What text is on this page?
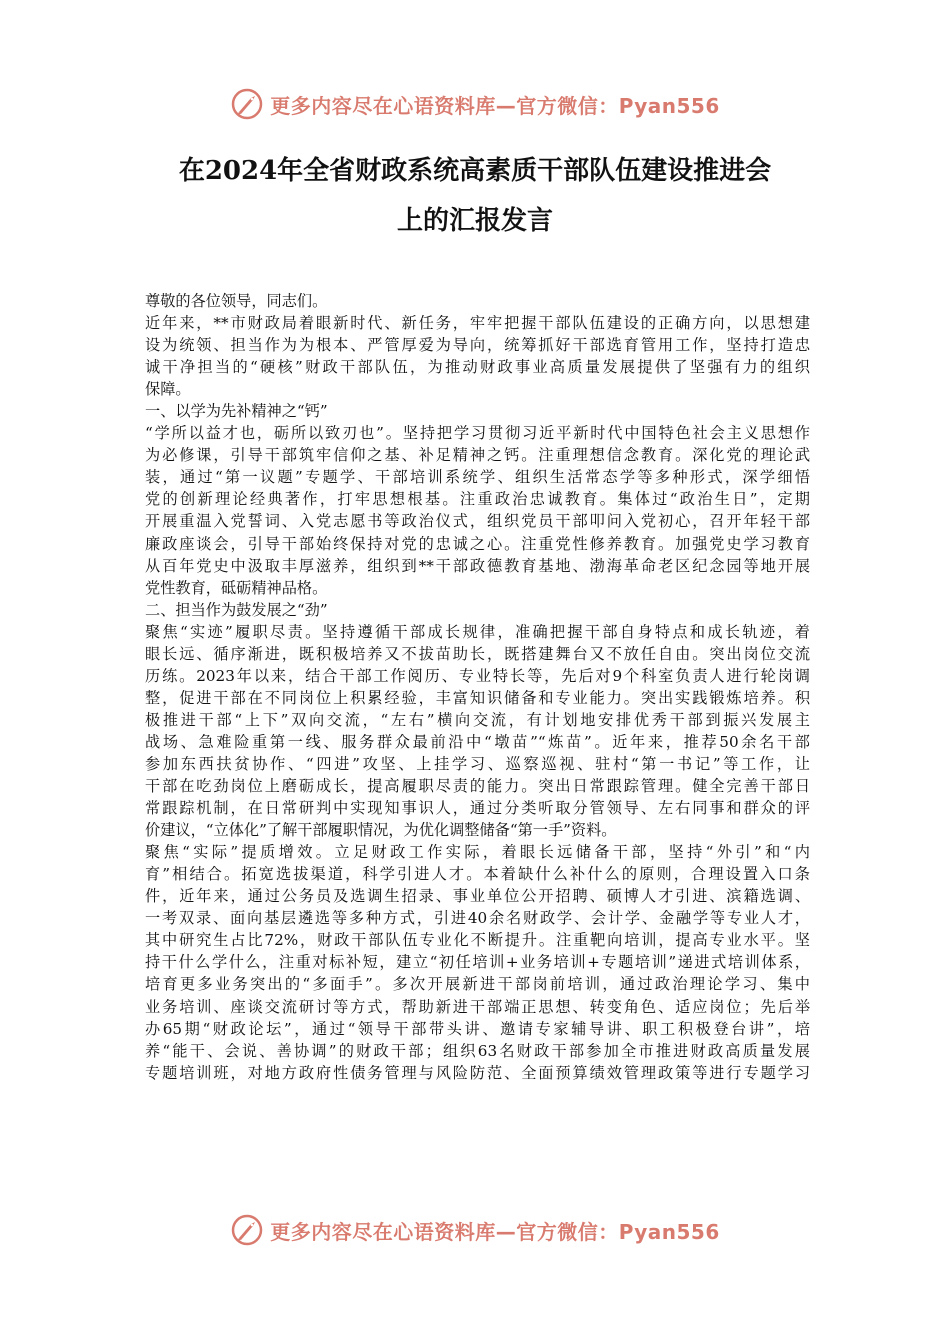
更多内容尽在心语资料库—官方微信：Pyan556
在2024年全省财政系统高素质干部队伍建设推进会
上的汇报发言
尊敬的各位领导，同志们。
近年来，**市财政局着眼新时代、新任务，牢牢把握干部队伍建设的正确方向，以思想建
设为统领、担当作为为根本、严管厚爱为导向，统筹抓好干部选育管用工作，坚持打造忠
诚干净担当的“硬核”财政干部队伍，为推动财政事业高质量发展提供了坚强有力的组织
保障。
一、以学为先补精神之“钙”
“学所以益才也，砺所以致刃也”。坚持把学习贯彻习近平新时代中国特色社会主义思想作
为必修课，引导干部筑牢信仰之基、补足精神之钙。注重理想信念教育。深化党的理论武
装，通过“第一议题”专题学、干部培训系统学、组织生活常态学等多种形式，深学细悟
党的创新理论经典著作，打牢思想根基。注重政治忠诚教育。集体过“政治生日”，定期
开展重温入党誓词、入党志愿书等政治仪式，组织党员干部叩问入党初心，召开年轻干部
廉政座谈会，引导干部始终保持对党的忠诚之心。注重党性修养教育。加强党史学习教育
从百年党史中汲取丰厚滋养，组织到**干部政德教育基地、渤海革命老区纪念园等地开展
党性教育，砥砺精神品格。
二、担当作为鼓发展之“劲”
聚焦“实迹”履职尽责。坚持遵循干部成长规律，准确把握干部自身特点和成长轨迹，着
眼长远、循序渐进，既积极培养又不拔苗助长，既搭建舞台又不放任自由。突出岗位交流
历练。2023年以来，结合干部工作阅历、专业特长等，先后对9个科室负责人进行轮岗调
整，促进干部在不同岗位上积累经验，丰富知识储备和专业能力。突出实践锻炼培养。积
极推进干部“上下”双向交流，“左右”横向交流，有计划地安排优秀干部到振兴发展主
战场、急难险重第一线、服务群众最前沿中“墩苗”“炼苗”。近年来，推荐50余名干部
参加东西扶贫协作、“四进”攻坚、上挂学习、巡察巡视、驻村“第一书记”等工作，让
干部在吃劲岗位上磨砺成长，提高履职尽责的能力。突出日常跟踪管理。健全完善干部日
常跟踪机制，在日常研判中实现知事识人，通过分类听取分管领导、左右同事和群众的评
价建议，“立体化”了解干部履职情况，为优化调整储备“第一手”资料。
聚焦“实际”提质增效。立足财政工作实际，着眼长远储备干部，坚持“外引”和“内
育”相结合。拓宽选拔渠道，科学引进人才。本着缺什么补什么的原则，合理设置入口条
件，近年来，通过公务员及选调生招录、事业单位公开招聘、硕博人才引进、滨籍选调、
一考双录、面向基层遴选等多种方式，引进40余名财政学、会计学、金融学等专业人才，
其中研究生占比72%，财政干部队伍专业化不断提升。注重靶向培训，提高专业水平。坚
持干什么学什么，注重对标补短，建立“初任培训+业务培训+专题培训”递进式培训体系，
培育更多业务突出的“多面手”。多次开展新进干部岗前培训，通过政治理论学习、集中
业务培训、座谈交流研讨等方式，帮助新进干部端正思想、转变角色、适应岗位；先后举
办65期“财政论坛”，通过“领导干部带头讲、邀请专家辅导讲、职工积极登台讲”，培
养“能干、会说、善协调”的财政干部；组织63名财政干部参加全市推进财政高质量发展
专题培训班，对地方政府性债务管理与风险防范、全面预算绩效管理政策等进行专题学习
更多内容尽在心语资料库—官方微信：Pyan556
